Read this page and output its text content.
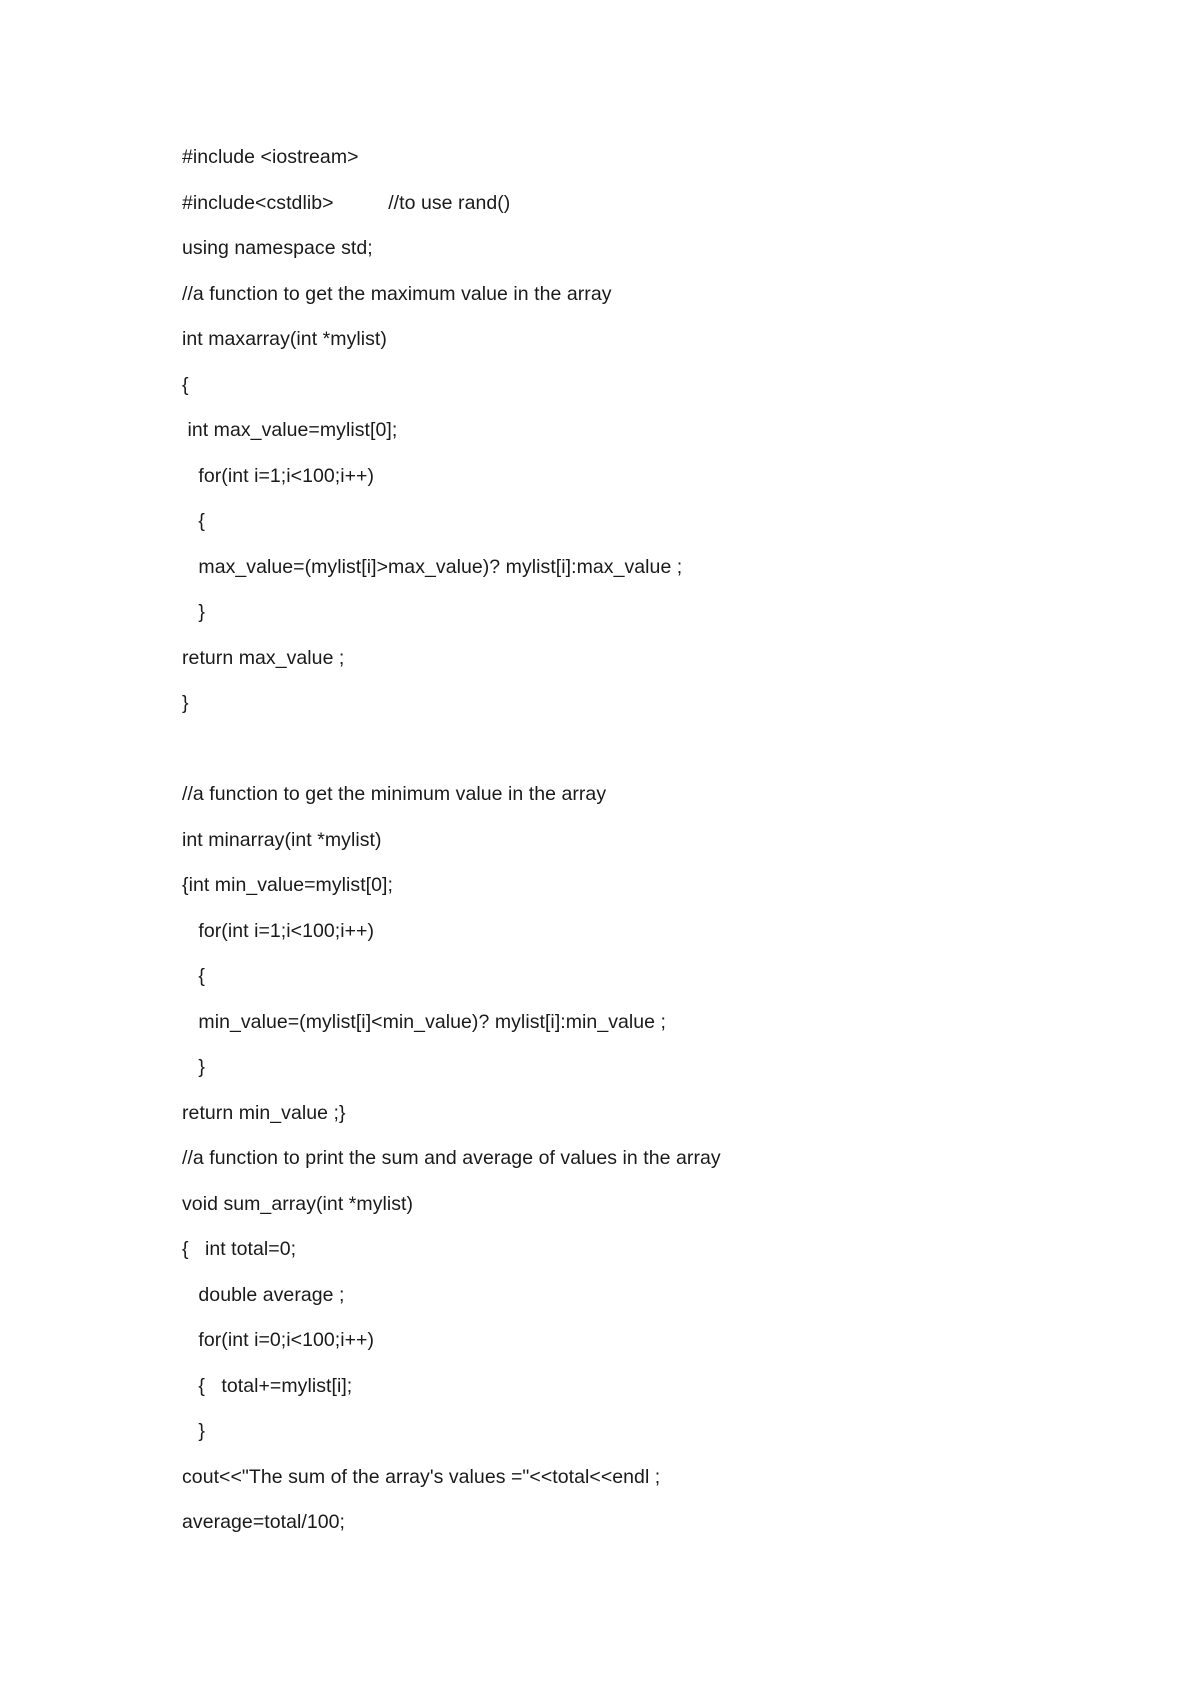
#include <iostream>
#include<cstdlib>          //to use rand()
using namespace std;
//a function to get the maximum value in the array
int maxarray(int *mylist)
{
int max_value=mylist[0];
for(int i=1;i<100;i++)
{
max_value=(mylist[i]>max_value)? mylist[i]:max_value ;
}
return max_value ;
}
//a function to get the minimum value in the array
int minarray(int *mylist)
{int min_value=mylist[0];
for(int i=1;i<100;i++)
{
min_value=(mylist[i]<min_value)? mylist[i]:min_value ;
}
return min_value ;}
//a function to print the sum and average of values in the array
void sum_array(int *mylist)
{   int total=0;
double average ;
for(int i=0;i<100;i++)
{   total+=mylist[i];
}
cout<<"The sum of the array's values ="<<total<<endl ;
average=total/100;
